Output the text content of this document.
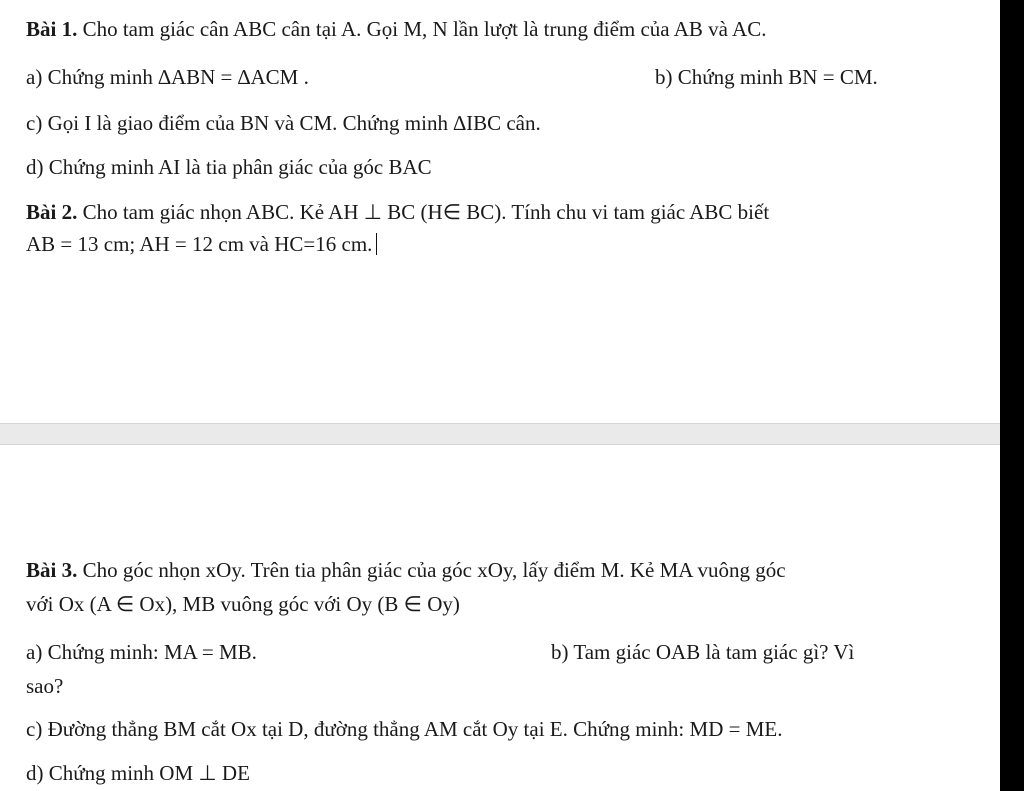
Bài 1. Cho tam giác cân ABC cân tại A. Gọi M, N lần lượt là trung điểm của AB và AC.
a) Chứng minh ∆ABN = ∆ACM .	b) Chứng minh BN = CM.
c) Gọi I là giao điểm của BN và CM. Chứng minh ∆IBC cân.
d) Chứng minh AI là tia phân giác của góc BAC
Bài 2. Cho tam giác nhọn ABC. Kẻ AH ⊥ BC (H∈ BC). Tính chu vi tam giác ABC biết
AB = 13 cm; AH = 12 cm và HC=16 cm.
Bài 3. Cho góc nhọn xOy. Trên tia phân giác của góc xOy, lấy điểm M. Kẻ MA vuông góc
với Ox (A ∈ Ox), MB vuông góc với Oy (B ∈ Oy)
a) Chứng minh: MA = MB.	b) Tam giác OAB là tam giác gì? Vì
sao?
c) Đường thẳng BM cắt Ox tại D, đường thẳng AM cắt Oy tại E. Chứng minh: MD = ME.
d) Chứng minh OM ⊥ DE
